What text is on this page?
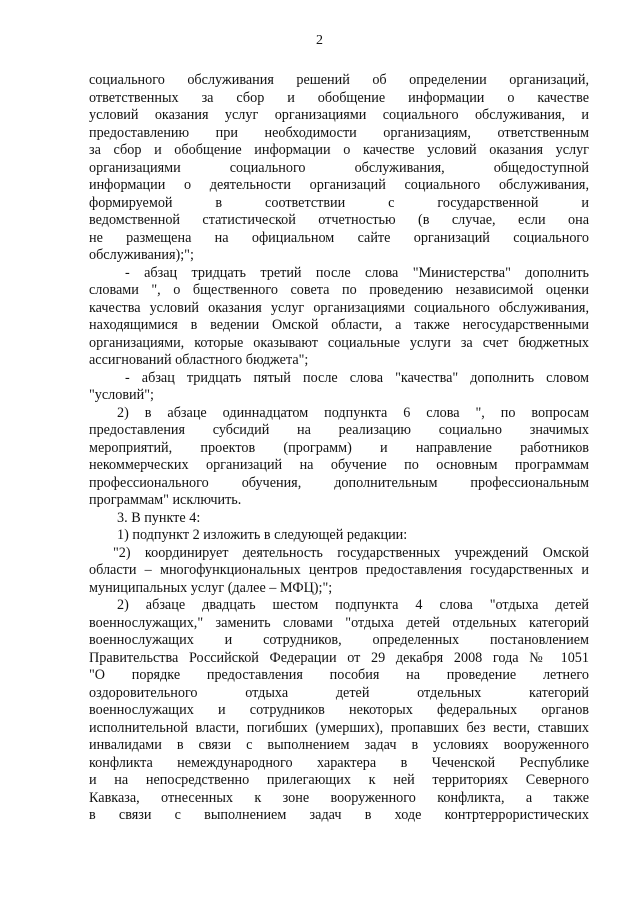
2
социального обслуживания решений об определении организаций,
ответственных за сбор и обобщение информации о качестве
условий оказания услуг организациями социального обслуживания, и
предоставлению при необходимости организациям, ответственным
за сбор и обобщение информации о качестве условий оказания услуг
организациями социального обслуживания, общедоступной
информации о деятельности организаций социального обслуживания,
формируемой в соответствии с государственной и
ведомственной статистической отчетностью (в случае, если она
не размещена на официальном сайте организаций социального
обслуживания);";
- абзац тридцать третий после слова "Министерства" дополнить
словами ", о бщественного совета по проведению независимой оценки
качества условий оказания услуг организациями социального обслуживания,
находящимися в ведении Омской области, а также негосударственными
организациями, которые оказывают социальные услуги за счет бюджетных
ассигнований областного бюджета";
- абзац тридцать пятый после слова "качества" дополнить словом
"условий";
2) в абзаце одиннадцатом подпункта 6 слова ", по вопросам
предоставления субсидий на реализацию социально значимых
мероприятий, проектов (программ) и направление работников
некоммерческих организаций на обучение по основным программам
профессионального обучения, дополнительным профессиональным
программам" исключить.
3. В пункте 4:
1) подпункт 2 изложить в следующей редакции:
"2) координирует деятельность государственных учреждений Омской
области – многофункциональных центров предоставления государственных и
муниципальных услуг (далее – МФЦ);";
2) абзаце двадцать шестом подпункта 4 слова "отдыха детей
военнослужащих," заменить словами "отдыха детей отдельных категорий
военнослужащих и сотрудников, определенных постановлением
Правительства Российской Федерации от 29 декабря 2008 года № 1051
"О порядке предоставления пособия на проведение летнего
оздоровительного отдыха детей отдельных категорий
военнослужащих и сотрудников некоторых федеральных органов
исполнительной власти, погибших (умерших), пропавших без вести, ставших
инвалидами в связи с выполнением задач в условиях вооруженного
конфликта немеждународного характера в Чеченской Республике
и на непосредственно прилегающих к ней территориях Северного
Кавказа, отнесенных к зоне вооруженного конфликта, а также
в связи с выполнением задач в ходе контртеррористических
